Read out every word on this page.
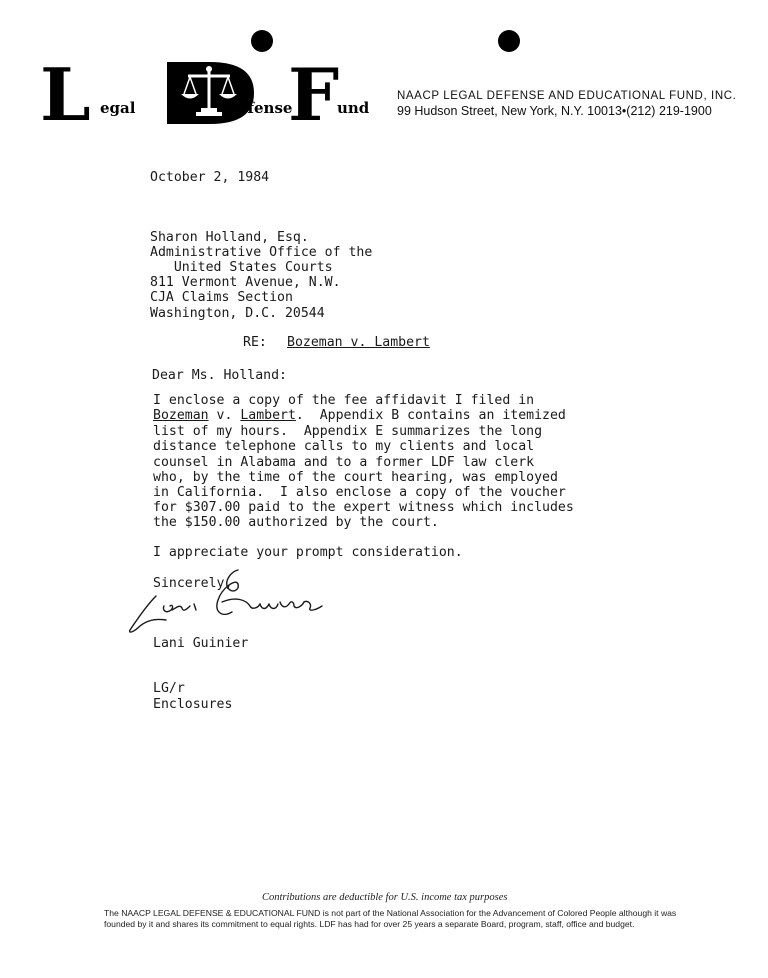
L	F
egal	efense	und
NAACP LEGAL DEFENSE AND EDUCATIONAL FUND, INC.
99 Hudson Street, New York, N.Y. 10013•(212) 219-1900
October 2, 1984
Sharon Holland, Esq.
Administrative Office of the
United States Courts
811 Vermont Avenue, N.W.
CJA Claims Section
Washington, D.C. 20544
RE: Bozeman v. Lambert
Dear Ms. Holland:
I enclose a copy of the fee affidavit I filed in
Bozeman v. Lambert.  Appendix B contains an itemized
list of my hours.  Appendix E summarizes the long
distance telephone calls to my clients and local
counsel in Alabama and to a former LDF law clerk
who, by the time of the court hearing, was employed
in California.  I also enclose a copy of the voucher
for $307.00 paid to the expert witness which includes
the $150.00 authorized by the court.
I appreciate your prompt consideration.
Sincerely,
Lani Guinier
LG/r
Enclosures
Contributions are deductible for U.S. income tax purposes
The NAACP LEGAL DEFENSE & EDUCATIONAL FUND is not part of the National Association for the Advancement of Colored People although it was founded by it and shares its commitment to equal rights. LDF has had for over 25 years a separate Board, program, staff, office and budget.
